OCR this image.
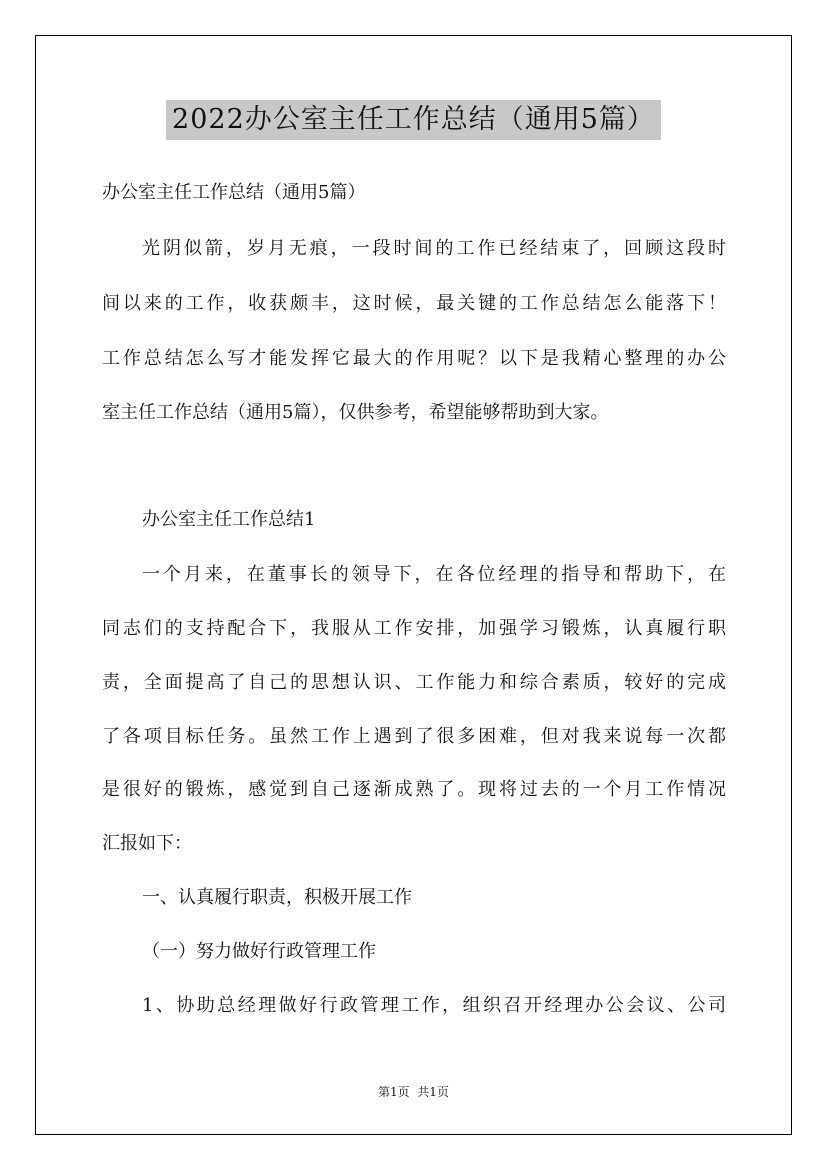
2022办公室主任工作总结（通用5篇）
办公室主任工作总结（通用5篇）
光阴似箭，岁月无痕，一段时间的工作已经结束了，回顾这段时
间以来的工作，收获颇丰，这时候，最关键的工作总结怎么能落下！
工作总结怎么写才能发挥它最大的作用呢？以下是我精心整理的办公
室主任工作总结（通用5篇），仅供参考，希望能够帮助到大家。
办公室主任工作总结1
一个月来，在董事长的领导下，在各位经理的指导和帮助下，在
同志们的支持配合下，我服从工作安排，加强学习锻炼，认真履行职
责，全面提高了自己的思想认识、工作能力和综合素质，较好的完成
了各项目标任务。虽然工作上遇到了很多困难，但对我来说每一次都
是很好的锻炼，感觉到自己逐渐成熟了。现将过去的一个月工作情况
汇报如下：
一、认真履行职责，积极开展工作
（一）努力做好行政管理工作
1、协助总经理做好行政管理工作，组织召开经理办公会议、公司
第1页  共1页
